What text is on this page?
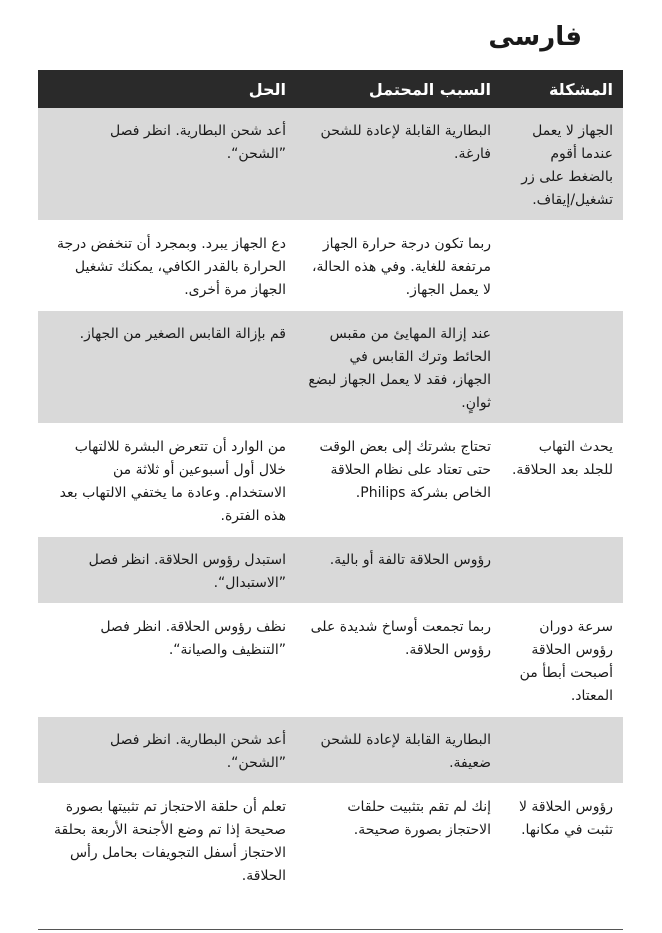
فارسی
المشكلة	السبب المحتمل	الحل
الجهاز لا يعمل عندما أقوم بالضغط على زر تشغيل/إيقاف.	البطارية القابلة لإعادة للشحن فارغة.	أعد شحن البطارية. انظر فصل ”الشحن“.
	ربما تكون درجة حرارة الجهاز مرتفعة للغاية. وفي هذه الحالة، لا يعمل الجهاز.	دع الجهاز يبرد. وبمجرد أن تنخفض درجة الحرارة بالقدر الكافي، يمكنك تشغيل الجهاز مرة أخرى.
	عند إزالة المهايئ من مقبس الحائط وترك القابس في الجهاز، فقد لا يعمل الجهاز لبضع ثوانٍ.	قم بإزالة القابس الصغير من الجهاز.
يحدث التهاب للجلد بعد الحلاقة.	تحتاج بشرتك إلى بعض الوقت حتى تعتاد على نظام الحلاقة الخاص بشركة Philips.	من الوارد أن تتعرض البشرة للالتهاب خلال أول أسبوعين أو ثلاثة من الاستخدام. وعادة ما يختفي الالتهاب بعد هذه الفترة.
	رؤوس الحلاقة تالفة أو بالية.	استبدل رؤوس الحلاقة. انظر فصل ”الاستبدال“.
سرعة دوران رؤوس الحلاقة أصبحت أبطأ من المعتاد.	ربما تجمعت أوساخ شديدة على رؤوس الحلاقة.	نظف رؤوس الحلاقة. انظر فصل ”التنظيف والصيانة“.
	البطارية القابلة لإعادة للشحن ضعيفة.	أعد شحن البطارية. انظر فصل ”الشحن“.
رؤوس الحلاقة لا تثبت في مكانها.	إنك لم تقم بتثبيت حلقات الاحتجاز بصورة صحيحة.	تعلم أن حلقة الاحتجاز تم تثبيتها بصورة صحيحة إذا تم وضع الأجنحة الأربعة بحلقة الاحتجاز أسفل التجويفات بحامل رأس الحلاقة.
